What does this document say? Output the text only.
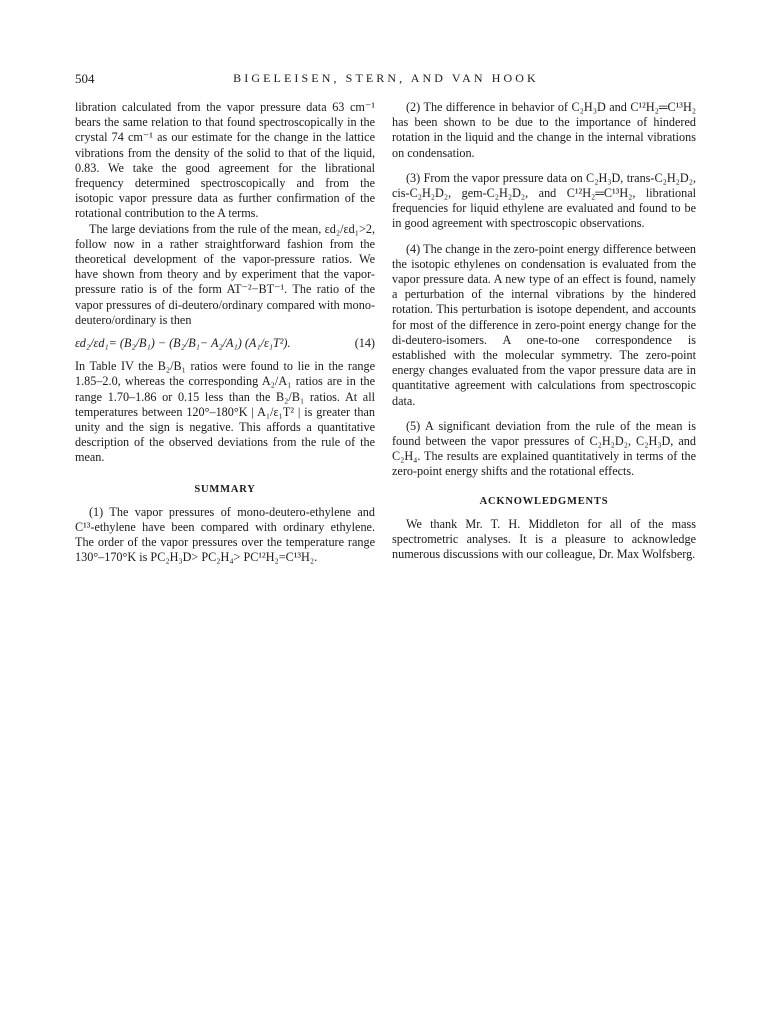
504	BIGELEISEN, STERN, AND VAN HOOK

libration calculated from the vapor pressure data 63 cm⁻¹ bears the same relation to that found spectroscopically in the crystal 74 cm⁻¹ as our estimate for the change in the lattice vibrations from the density of the solid to that of the liquid, 0.83. We take the good agreement for the librational frequency determined spectroscopically and from the isotopic vapor pressure data as further confirmation of the rotational contribution to the A terms.

The large deviations from the rule of the mean, εd₂/εd₁>2, follow now in a rather straightforward fashion from the theoretical development of the vapor-pressure ratios. We have shown from theory and by experiment that the vapor-pressure ratio is of the form AT⁻²−BT⁻¹. The ratio of the vapor pressures of di-deutero/ordinary compared with mono-deutero/ordinary is then

εd₂/εd₁= (B₂/B₁) − (B₂/B₁− A₂/A₁) (A₁/ε₁T²).	(14)

In Table IV the B₂/B₁ ratios were found to lie in the range 1.85–2.0, whereas the corresponding A₂/A₁ ratios are in the range 1.70–1.86 or 0.15 less than the B₂/B₁ ratios. At all temperatures between 120°–180°K | A₁/ε₁T² | is greater than unity and the sign is negative. This affords a quantitative description of the observed deviations from the rule of the mean.

SUMMARY

(1) The vapor pressures of mono-deutero-ethylene and C¹³-ethylene have been compared with ordinary ethylene. The order of the vapor pressures over the temperature range 130°–170°K is PC₂H₃D> PC₂H₄> PC¹²H₂=C¹³H₂.

(2) The difference in behavior of C₂H₃D and C¹²H₂═C¹³H₂ has been shown to be due to the importance of hindered rotation in the liquid and the change in the internal vibrations on condensation.

(3) From the vapor pressure data on C₂H₃D, trans-C₂H₂D₂, cis-C₂H₂D₂, gem-C₂H₂D₂, and C¹²H₂═C¹³H₂, librational frequencies for liquid ethylene are evaluated and found to be in good agreement with spectroscopic observations.

(4) The change in the zero-point energy difference between the isotopic ethylenes on condensation is evaluated from the vapor pressure data. A new type of an effect is found, namely a perturbation of the internal vibrations by the hindered rotation. This perturbation is isotope dependent, and accounts for most of the difference in zero-point energy change for the di-deutero-isomers. A one-to-one correspondence is established with the molecular symmetry. The zero-point energy changes evaluated from the vapor pressure data are in quantitative agreement with calculations from spectroscopic data.

(5) A significant deviation from the rule of the mean is found between the vapor pressures of C₂H₂D₂, C₂H₃D, and C₂H₄. The results are explained quantitatively in terms of the zero-point energy shifts and the rotational effects.

ACKNOWLEDGMENTS

We thank Mr. T. H. Middleton for all of the mass spectrometric analyses. It is a pleasure to acknowledge numerous discussions with our colleague, Dr. Max Wolfsberg.
